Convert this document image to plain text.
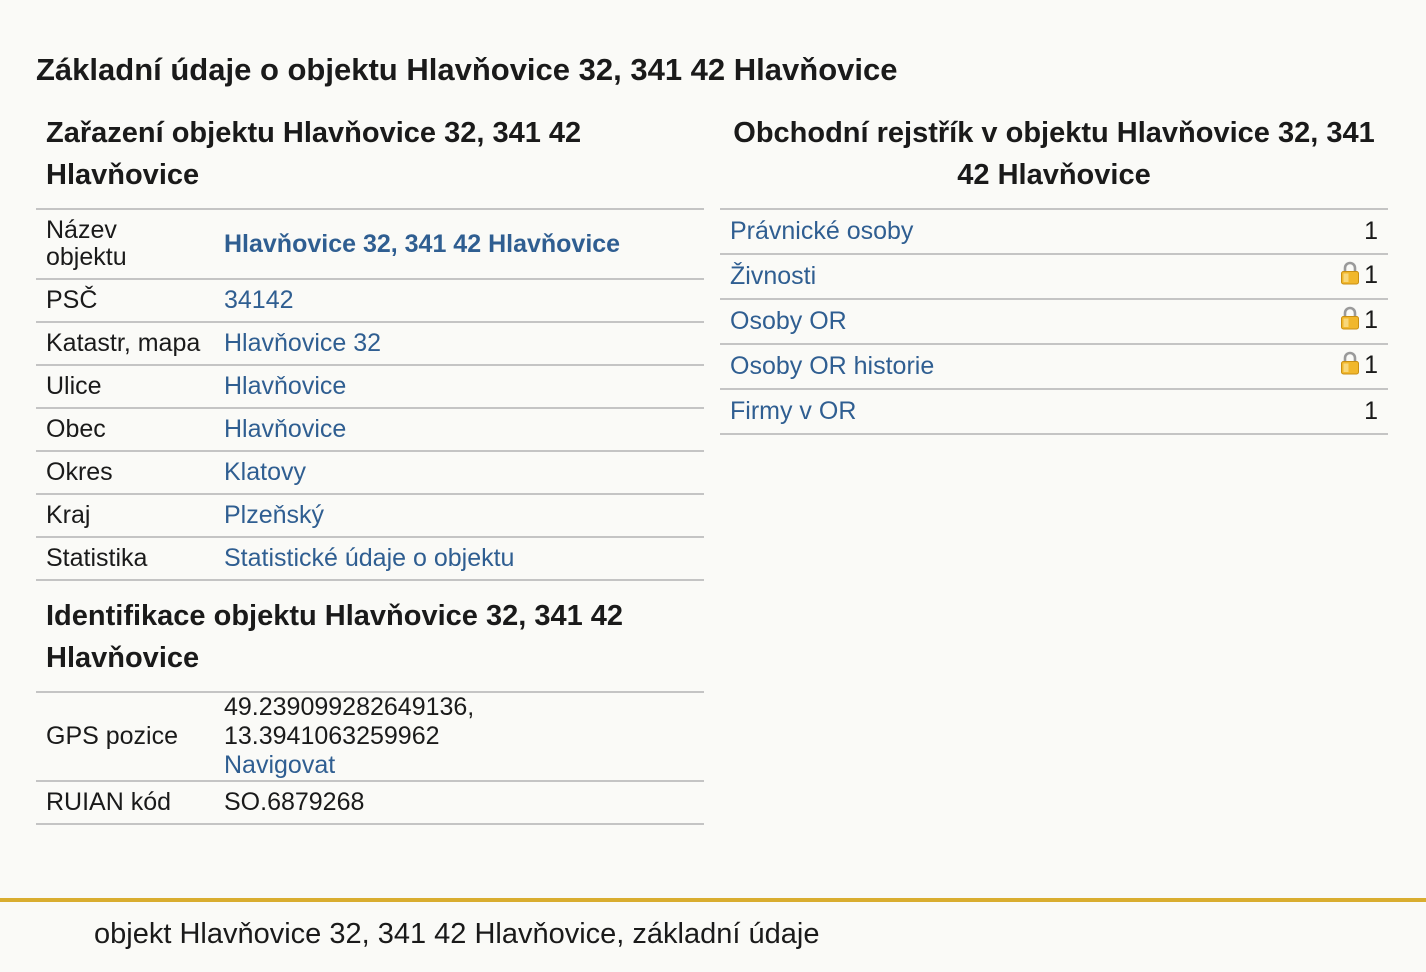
Základní údaje o objektu Hlavňovice 32, 341 42 Hlavňovice
Zařazení objektu Hlavňovice 32, 341 42 Hlavňovice
Název objektu	Hlavňovice 32, 341 42 Hlavňovice
PSČ	34142
Katastr, mapa	Hlavňovice 32
Ulice	Hlavňovice
Obec	Hlavňovice
Okres	Klatovy
Kraj	Plzeňský
Statistika	Statistické údaje o objektu
Identifikace objektu Hlavňovice 32, 341 42 Hlavňovice
GPS pozice	49.239099282649136,
13.3941063259962
Navigovat
RUIAN kód	SO.6879268
Obchodní rejstřík v objektu Hlavňovice 32, 341 42 Hlavňovice
Právnické osoby	1
Živnosti	1
Osoby OR	1
Osoby OR historie	1
Firmy v OR	1
objekt Hlavňovice 32, 341 42 Hlavňovice, základní údaje
